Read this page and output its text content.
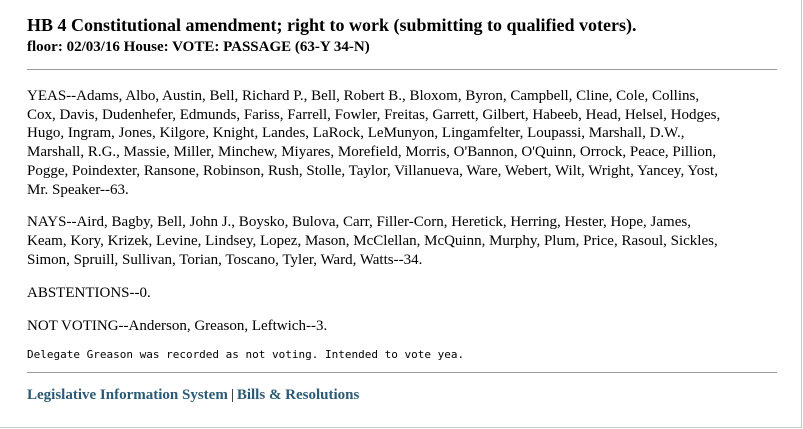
HB 4 Constitutional amendment; right to work (submitting to qualified voters).

floor: 02/03/16 House: VOTE: PASSAGE (63-Y 34-N)

YEAS--Adams, Albo, Austin, Bell, Richard P., Bell, Robert B., Bloxom, Byron, Campbell, Cline, Cole, Collins,
Cox, Davis, Dudenhefer, Edmunds, Fariss, Farrell, Fowler, Freitas, Garrett, Gilbert, Habeeb, Head, Helsel, Hodges,
Hugo, Ingram, Jones, Kilgore, Knight, Landes, LaRock, LeMunyon, Lingamfelter, Loupassi, Marshall, D.W.,
Marshall, R.G., Massie, Miller, Minchew, Miyares, Morefield, Morris, O'Bannon, O'Quinn, Orrock, Peace, Pillion,
Pogge, Poindexter, Ransone, Robinson, Rush, Stolle, Taylor, Villanueva, Ware, Webert, Wilt, Wright, Yancey, Yost,
Mr. Speaker--63.

NAYS--Aird, Bagby, Bell, John J., Boysko, Bulova, Carr, Filler-Corn, Heretick, Herring, Hester, Hope, James,
Keam, Kory, Krizek, Levine, Lindsey, Lopez, Mason, McClellan, McQuinn, Murphy, Plum, Price, Rasoul, Sickles,
Simon, Spruill, Sullivan, Torian, Toscano, Tyler, Ward, Watts--34.

ABSTENTIONS--0.

NOT VOTING--Anderson, Greason, Leftwich--3.

Delegate Greason was recorded as not voting. Intended to vote yea.

Legislative Information System | Bills & Resolutions
